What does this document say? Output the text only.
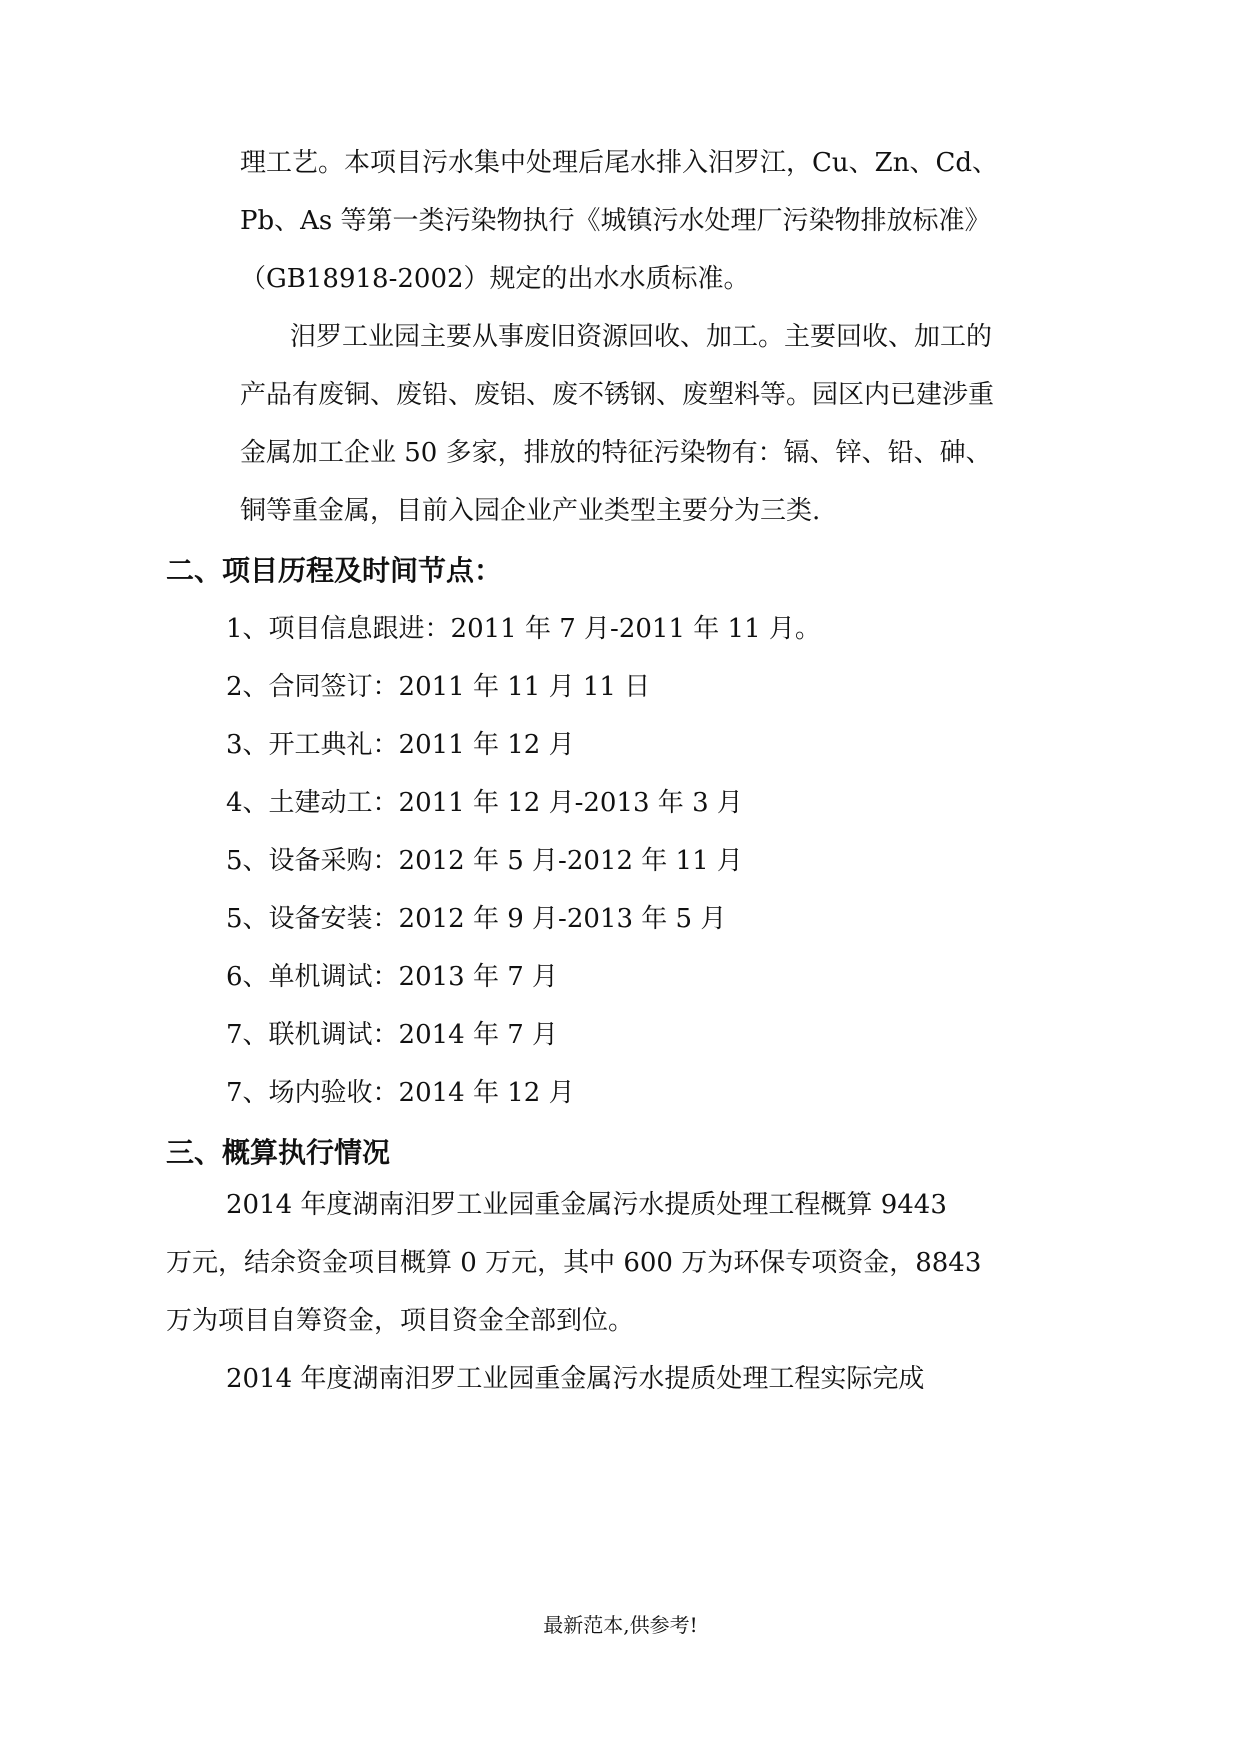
理工艺。本项目污水集中处理后尾水排入汨罗江，Cu、Zn、Cd、
Pb、As 等第一类污染物执行《城镇污水处理厂污染物排放标准》
（GB18918-2002）规定的出水水质标准。
汨罗工业园主要从事废旧资源回收、加工。主要回收、加工的
产品有废铜、废铅、废铝、废不锈钢、废塑料等。园区内已建涉重
金属加工企业 50 多家，排放的特征污染物有：镉、锌、铅、砷、
铜等重金属，目前入园企业产业类型主要分为三类.
二、项目历程及时间节点：
1、项目信息跟进：2011 年 7 月-2011 年 11 月。
2、合同签订：2011 年 11 月 11 日
3、开工典礼：2011 年 12 月
4、土建动工：2011 年 12 月-2013 年 3 月
5、设备采购：2012 年 5 月-2012 年 11 月
5、设备安装：2012 年 9 月-2013 年 5 月
6、单机调试：2013 年 7 月
7、联机调试：2014 年 7 月
7、场内验收：2014 年 12 月
三、概算执行情况
2014 年度湖南汨罗工业园重金属污水提质处理工程概算 9443
万元，结余资金项目概算 0 万元，其中 600 万为环保专项资金，8843
万为项目自筹资金，项目资金全部到位。
2014 年度湖南汨罗工业园重金属污水提质处理工程实际完成
最新范本,供参考!
